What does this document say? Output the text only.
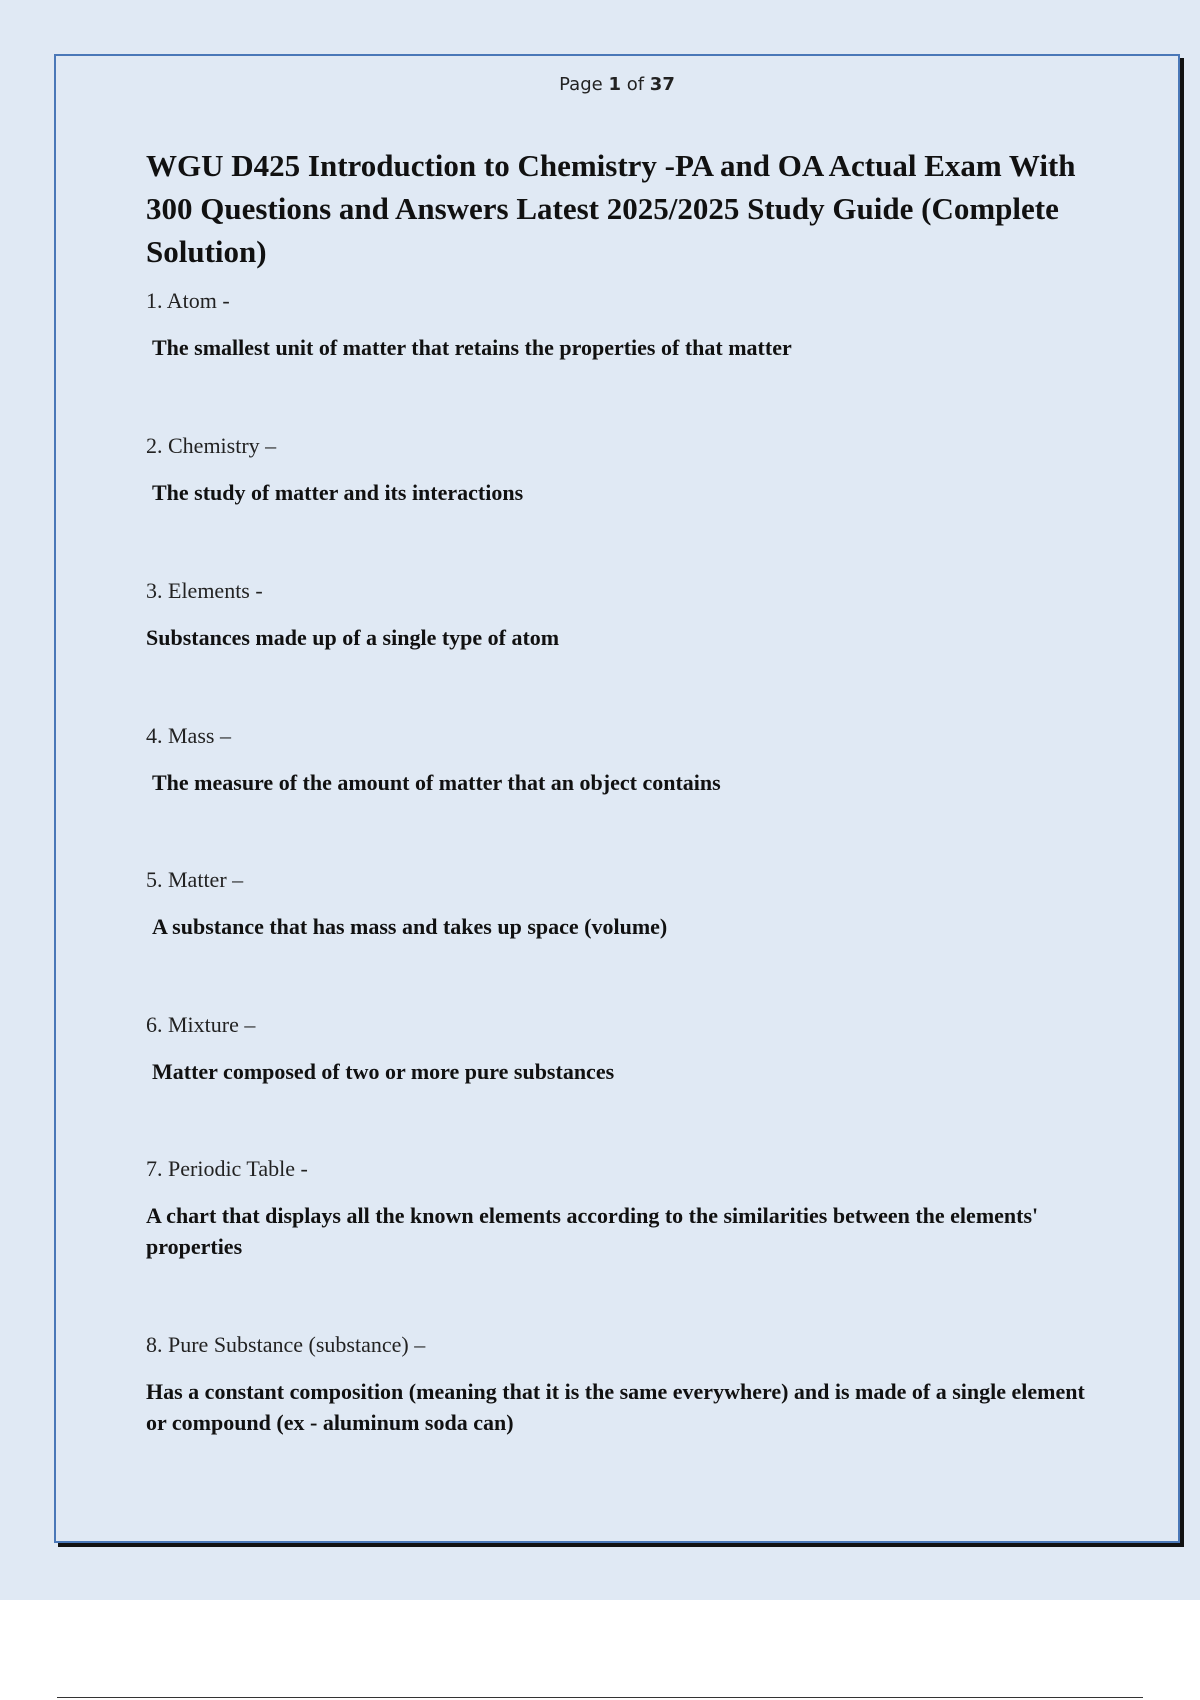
Page 1 of 37
WGU D425 Introduction to Chemistry -PA and OA Actual Exam With 300 Questions and Answers Latest 2025/2025 Study Guide (Complete Solution)

1. Atom -

The smallest unit of matter that retains the properties of that matter

2. Chemistry –

The study of matter and its interactions

3. Elements -

Substances made up of a single type of atom

4. Mass –

The measure of the amount of matter that an object contains

5. Matter –

A substance that has mass and takes up space (volume)

6. Mixture –

Matter composed of two or more pure substances

7. Periodic Table -

A chart that displays all the known elements according to the similarities between the elements' properties

8. Pure Substance (substance) –

Has a constant composition (meaning that it is the same everywhere) and is made of a single element or compound (ex - aluminum soda can)
